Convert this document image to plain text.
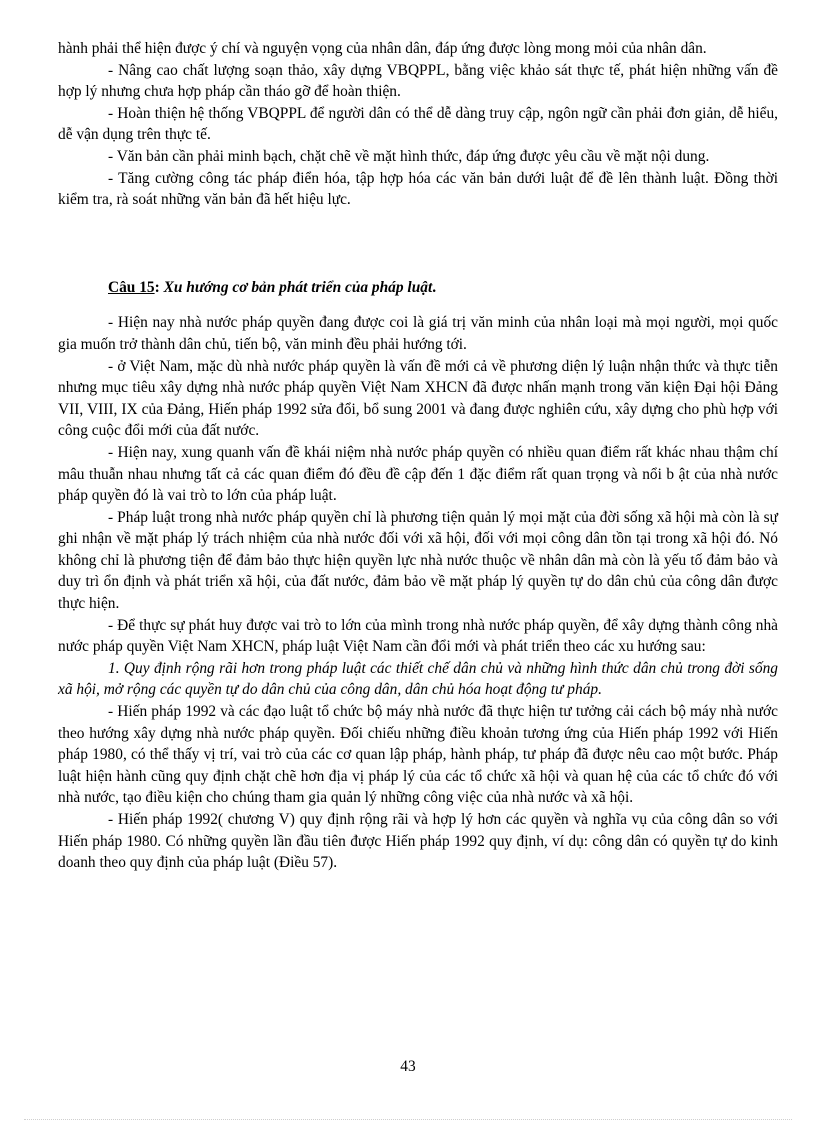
hành phải thể hiện được ý chí và nguyện vọng của nhân dân, đáp ứng được lòng mong mỏi của nhân dân.

- Nâng cao chất lượng soạn thảo, xây dựng VBQPPL, bằng việc khảo sát thực tế, phát hiện những vấn đề hợp lý nhưng chưa hợp pháp cần tháo gỡ để hoàn thiện.

- Hoàn thiện hệ thống VBQPPL để người dân có thể dễ dàng truy cập, ngôn ngữ cần phải đơn giản, dễ hiểu, dễ vận dụng trên thực tế.

- Văn bản cần phải minh bạch, chặt chẽ về mặt hình thức, đáp ứng được yêu cầu về mặt nội dung.

- Tăng cường công tác pháp điển hóa, tập hợp hóa các văn bản dưới luật để đề lên thành luật. Đồng thời kiểm tra, rà soát những văn bản đã hết hiệu lực.

Câu 15: Xu hướng cơ bản phát triển của pháp luật.

- Hiện nay nhà nước pháp quyền đang được coi là giá trị văn minh của nhân loại mà mọi người, mọi quốc gia muốn trở thành dân chủ, tiến bộ, văn minh đều phải hướng tới.

- ở Việt Nam, mặc dù nhà nước pháp quyền là vấn đề mới cả về phương diện lý luận nhận thức và thực tiễn nhưng mục tiêu xây dựng nhà nước pháp quyền Việt Nam XHCN đã được nhấn mạnh trong văn kiện Đại hội Đảng VII, VIII, IX của Đảng, Hiến pháp 1992 sửa đổi, bổ sung 2001 và đang được nghiên cứu, xây dựng cho phù hợp với công cuộc đổi mới của đất nước.

- Hiện nay, xung quanh vấn đề khái niệm nhà nước pháp quyền có nhiều quan điểm rất khác nhau thậm chí mâu thuẫn nhau nhưng tất cả các quan điểm đó đều đề cập đến 1 đặc điểm rất quan trọng và nổi b ật của nhà nước pháp quyền đó là vai trò to lớn của pháp luật.

- Pháp luật trong nhà nước pháp quyền chỉ là phương tiện quản lý mọi mặt của đời sống xã hội mà còn là sự ghi nhận về mặt pháp lý trách nhiệm của nhà nước đối với xã hội, đối với mọi công dân tồn tại trong xã hội đó. Nó không chỉ là phương tiện để đảm bảo thực hiện quyền lực nhà nước thuộc về nhân dân mà còn là yếu tố đảm bảo và duy trì ổn định và phát triển xã hội, của đất nước, đảm bảo về mặt pháp lý quyền tự do dân chủ của công dân được thực hiện.

- Để thực sự phát huy được vai trò to lớn của mình trong nhà nước pháp quyền, để xây dựng thành công nhà nước pháp quyền Việt Nam XHCN, pháp luật Việt Nam cần đổi mới và phát triển theo các xu hướng sau:

1. Quy định rộng rãi hơn trong pháp luật các thiết chế dân chủ và những hình thức dân chủ trong đời sống xã hội, mở rộng các quyền tự do dân chủ của công dân, dân chủ hóa hoạt động tư pháp.

- Hiến pháp 1992 và các đạo luật tổ chức bộ máy nhà nước đã thực hiện tư tưởng cải cách bộ máy nhà nước theo hướng xây dựng nhà nước pháp quyền. Đối chiếu những điều khoản tương ứng của Hiến pháp 1992 với Hiến pháp 1980, có thể thấy vị trí, vai trò của các cơ quan lập pháp, hành pháp, tư pháp đã được nêu cao một bước. Pháp luật hiện hành cũng quy định chặt chẽ hơn địa vị pháp lý của các tổ chức xã hội và quan hệ của các tổ chức đó với nhà nước, tạo điều kiện cho chúng tham gia quản lý những công việc của nhà nước và xã hội.

- Hiến pháp 1992( chương V) quy định rộng rãi và hợp lý hơn các quyền và nghĩa vụ của công dân so với Hiến pháp 1980. Có những quyền lần đầu tiên được Hiến pháp 1992 quy định, ví dụ: công dân có quyền tự do kinh doanh theo quy định của pháp luật (Điều 57).

43
